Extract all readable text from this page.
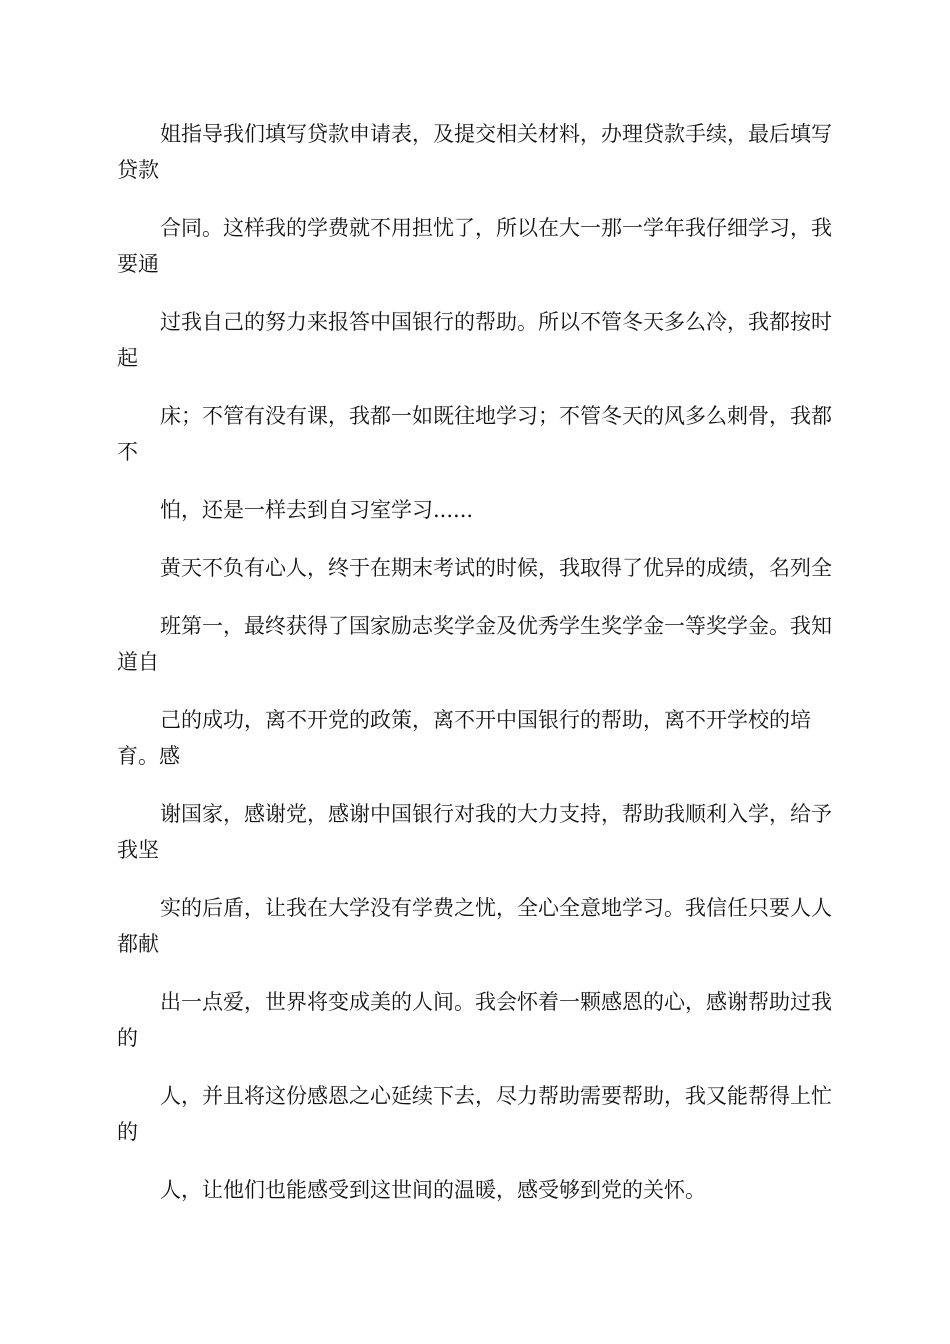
姐指导我们填写贷款申请表，及提交相关材料，办理贷款手续，最后填写贷款

合同。这样我的学费就不用担忧了，所以在大一那一学年我仔细学习，我要通

过我自己的努力来报答中国银行的帮助。所以不管冬天多么冷，我都按时起

床；不管有没有课，我都一如既往地学习；不管冬天的风多么刺骨，我都不

怕，还是一样去到自习室学习......

黄天不负有心人，终于在期末考试的时候，我取得了优异的成绩，名列全

班第一，最终获得了国家励志奖学金及优秀学生奖学金一等奖学金。我知道自

己的成功，离不开党的政策，离不开中国银行的帮助，离不开学校的培育。感

谢国家，感谢党，感谢中国银行对我的大力支持，帮助我顺利入学，给予我坚

实的后盾，让我在大学没有学费之忧，全心全意地学习。我信任只要人人都献

出一点爱，世界将变成美的人间。我会怀着一颗感恩的心，感谢帮助过我的

人，并且将这份感恩之心延续下去，尽力帮助需要帮助，我又能帮得上忙的

人，让他们也能感受到这世间的温暖，感受够到党的关怀。
